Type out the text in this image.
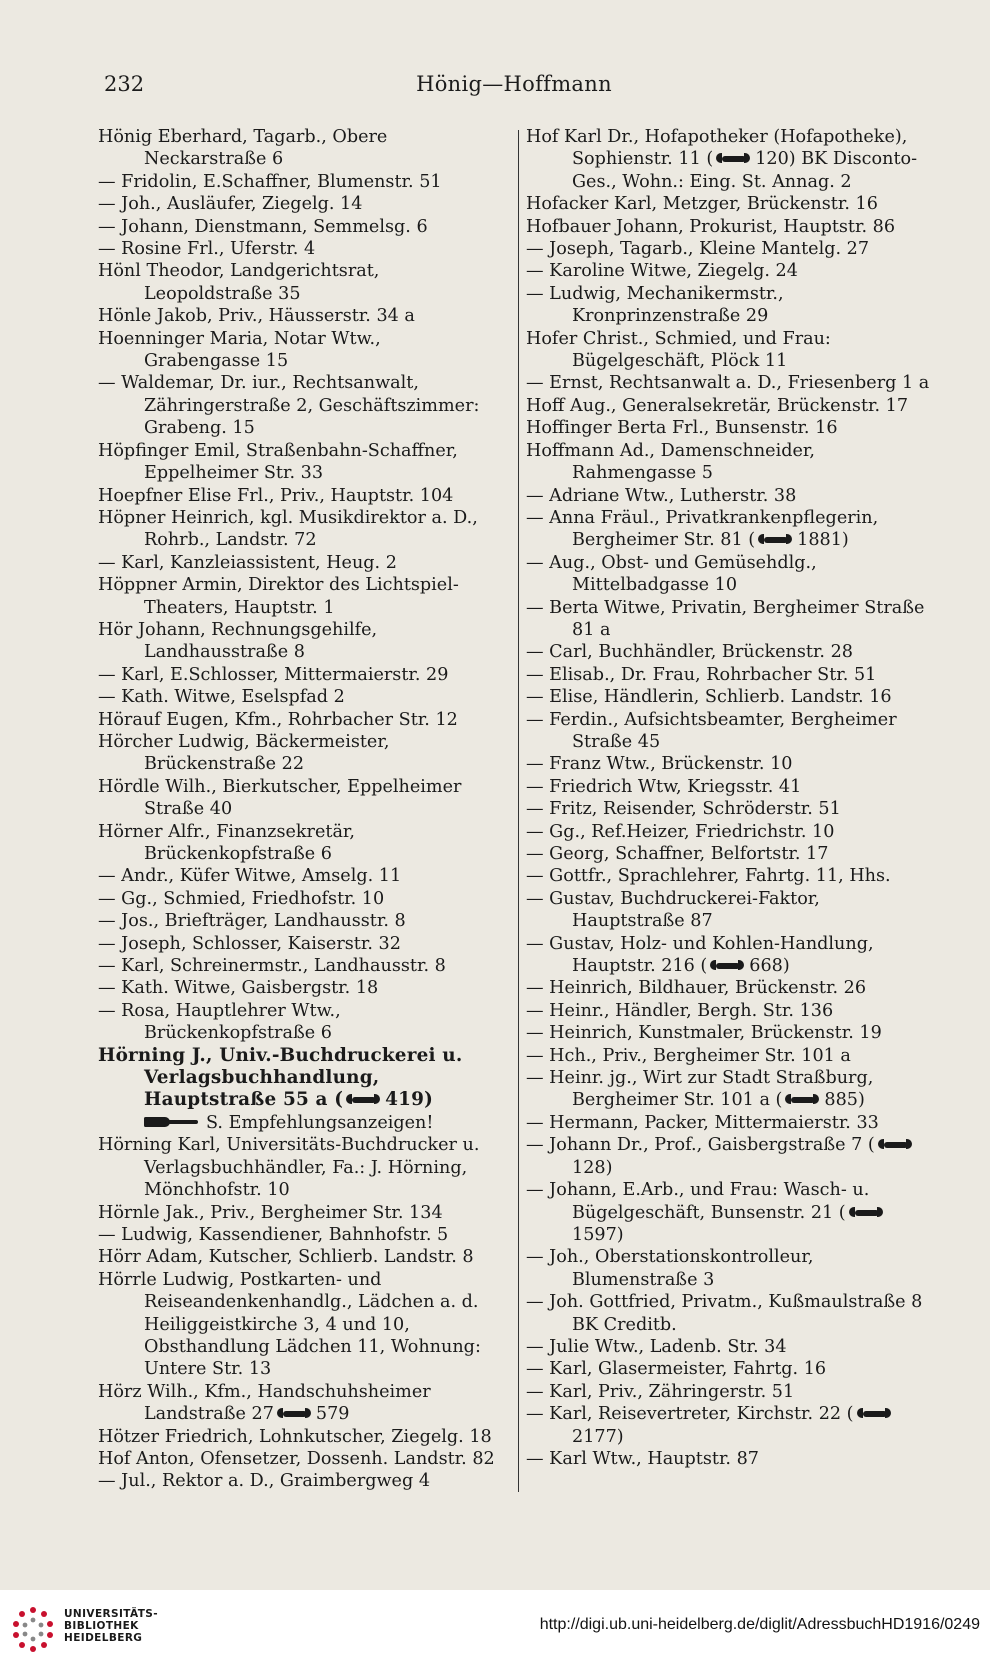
232	Hönig—Hoffmann

Hönig Eberhard, Tagarb., Obere Neckarstraße 6

— Fridolin, E.Schaffner, Blumenstr. 51

— Joh., Ausläufer, Ziegelg. 14

— Johann, Dienstmann, Semmelsg. 6

— Rosine Frl., Uferstr. 4

Hönl Theodor, Landgerichtsrat, Leopoldstraße 35

Hönle Jakob, Priv., Häusserstr. 34 a

Hoenninger Maria, Notar Wtw., Grabengasse 15

— Waldemar, Dr. iur., Rechtsanwalt, Zähringerstraße 2, Geschäftszimmer: Grabeng. 15

Höpfinger Emil, Straßenbahn-Schaffner, Eppelheimer Str. 33

Hoepfner Elise Frl., Priv., Hauptstr. 104

Höpner Heinrich, kgl. Musikdirektor a. D., Rohrb., Landstr. 72

— Karl, Kanzleiassistent, Heug. 2

Höppner Armin, Direktor des Lichtspiel-Theaters, Hauptstr. 1

Hör Johann, Rechnungsgehilfe, Landhausstraße 8

— Karl, E.Schlosser, Mittermaierstr. 29

— Kath. Witwe, Eselspfad 2

Hörauf Eugen, Kfm., Rohrbacher Str. 12

Hörcher Ludwig, Bäckermeister, Brückenstraße 22

Hördle Wilh., Bierkutscher, Eppelheimer Straße 40

Hörner Alfr., Finanzsekretär, Brückenkopfstraße 6

— Andr., Küfer Witwe, Amselg. 11

— Gg., Schmied, Friedhofstr. 10

— Jos., Briefträger, Landhausstr. 8

— Joseph, Schlosser, Kaiserstr. 32

— Karl, Schreinermstr., Landhausstr. 8

— Kath. Witwe, Gaisbergstr. 18

— Rosa, Hauptlehrer Wtw., Brückenkopfstraße 6

Hörning J., Univ.-Buchdruckerei u. Verlagsbuchhandlung, Hauptstraße 55 a ( 419)

S. Empfehlungsanzeigen!

Hörning Karl, Universitäts-Buchdrucker u. Verlagsbuchhändler, Fa.: J. Hörning, Mönchhofstr. 10

Hörnle Jak., Priv., Bergheimer Str. 134

— Ludwig, Kassendiener, Bahnhofstr. 5

Hörr Adam, Kutscher, Schlierb. Landstr. 8

Hörrle Ludwig, Postkarten- und Reiseandenkenhandlg., Lädchen a. d. Heiliggeistkirche 3, 4 und 10, Obsthandlung Lädchen 11, Wohnung: Untere Str. 13

Hörz Wilh., Kfm., Handschuhsheimer Landstraße 27 579

Hötzer Friedrich, Lohnkutscher, Ziegelg. 18

Hof Anton, Ofensetzer, Dossenh. Landstr. 82

— Jul., Rektor a. D., Graimbergweg 4

Hof Karl Dr., Hofapotheker (Hofapotheke), Sophienstr. 11 ( 120) BK Disconto-Ges., Wohn.: Eing. St. Annag. 2

Hofacker Karl, Metzger, Brückenstr. 16

Hofbauer Johann, Prokurist, Hauptstr. 86

— Joseph, Tagarb., Kleine Mantelg. 27

— Karoline Witwe, Ziegelg. 24

— Ludwig, Mechanikermstr., Kronprinzenstraße 29

Hofer Christ., Schmied, und Frau: Bügelgeschäft, Plöck 11

— Ernst, Rechtsanwalt a. D., Friesenberg 1 a

Hoff Aug., Generalsekretär, Brückenstr. 17

Hoffinger Berta Frl., Bunsenstr. 16

Hoffmann Ad., Damenschneider, Rahmengasse 5

— Adriane Wtw., Lutherstr. 38

— Anna Fräul., Privatkrankenpflegerin, Bergheimer Str. 81 ( 1881)

— Aug., Obst- und Gemüsehdlg., Mittelbadgasse 10

— Berta Witwe, Privatin, Bergheimer Straße 81 a

— Carl, Buchhändler, Brückenstr. 28

— Elisab., Dr. Frau, Rohrbacher Str. 51

— Elise, Händlerin, Schlierb. Landstr. 16

— Ferdin., Aufsichtsbeamter, Bergheimer Straße 45

— Franz Wtw., Brückenstr. 10

— Friedrich Wtw, Kriegsstr. 41

— Fritz, Reisender, Schröderstr. 51

— Gg., Ref.Heizer, Friedrichstr. 10

— Georg, Schaffner, Belfortstr. 17

— Gottfr., Sprachlehrer, Fahrtg. 11, Hhs.

— Gustav, Buchdruckerei-Faktor, Hauptstraße 87

— Gustav, Holz- und Kohlen-Handlung, Hauptstr. 216 ( 668)

— Heinrich, Bildhauer, Brückenstr. 26

— Heinr., Händler, Bergh. Str. 136

— Heinrich, Kunstmaler, Brückenstr. 19

— Hch., Priv., Bergheimer Str. 101 a

— Heinr. jg., Wirt zur Stadt Straßburg, Bergheimer Str. 101 a ( 885)

— Hermann, Packer, Mittermaierstr. 33

— Johann Dr., Prof., Gaisbergstraße 7 (128)

— Johann, E.Arb., und Frau: Wasch- u. Bügelgeschäft, Bunsenstr. 21 (1597)

— Joh., Oberstationskontrolleur, Blumenstraße 3

— Joh. Gottfried, Privatm., Kußmaulstraße 8 BK Creditb.

— Julie Wtw., Ladenb. Str. 34

— Karl, Glasermeister, Fahrtg. 16

— Karl, Priv., Zähringerstr. 51

— Karl, Reisevertreter, Kirchstr. 22 (2177)

— Karl Wtw., Hauptstr. 87

UNIVERSITÄTS-
BIBLIOTHEK
HEIDELBERG
http://digi.ub.uni-heidelberg.de/diglit/AdressbuchHD1916/0249
